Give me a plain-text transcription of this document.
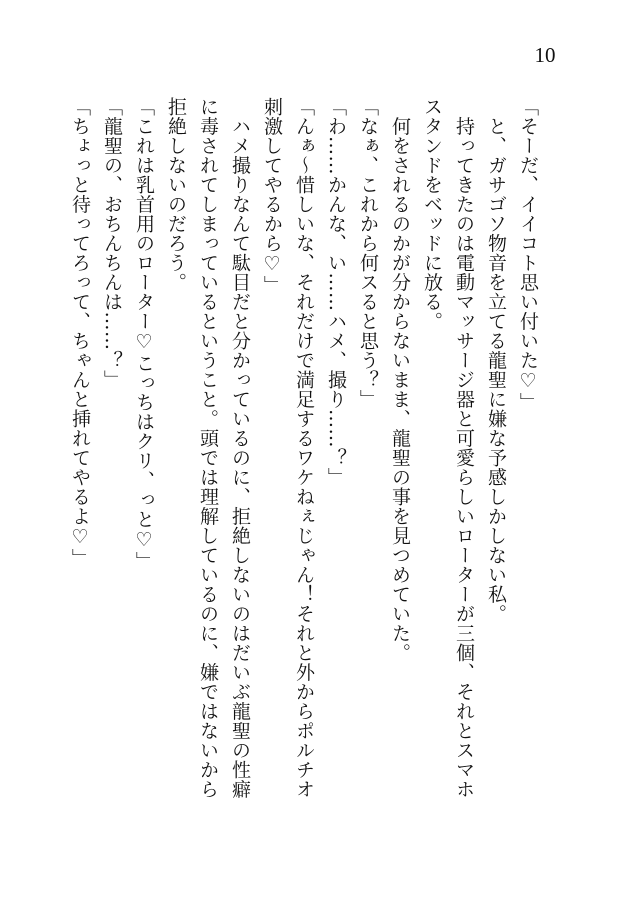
10
「そーだ、イイコト思い付いた♡」
　と、ガサゴソ物音を立てる龍聖に嫌な予感しかしない私。
　持ってきたのは電動マッサージ器と可愛らしいローターが三個、それとスマホ
スタンドをベッドに放る。
　何をされるのかが分からないまま、龍聖の事を見つめていた。
「なぁ、これから何スると思う？」
「わ……かんな、い……ハメ、撮り……？」
「んぁ〜惜しいな、それだけで満足するワケねぇじゃん！それと外からポルチオ
刺激してやるから♡」
　ハメ撮りなんて駄目だと分かっているのに、拒絶しないのはだいぶ龍聖の性癖
に毒されてしまっているということ。頭では理解しているのに、嫌ではないから
拒絶しないのだろう。
「これは乳首用のローター♡こっちはクリ、っと♡」
「龍聖の、おちんちんは……？」
「ちょっと待ってろって、ちゃんと挿れてやるよ♡」
